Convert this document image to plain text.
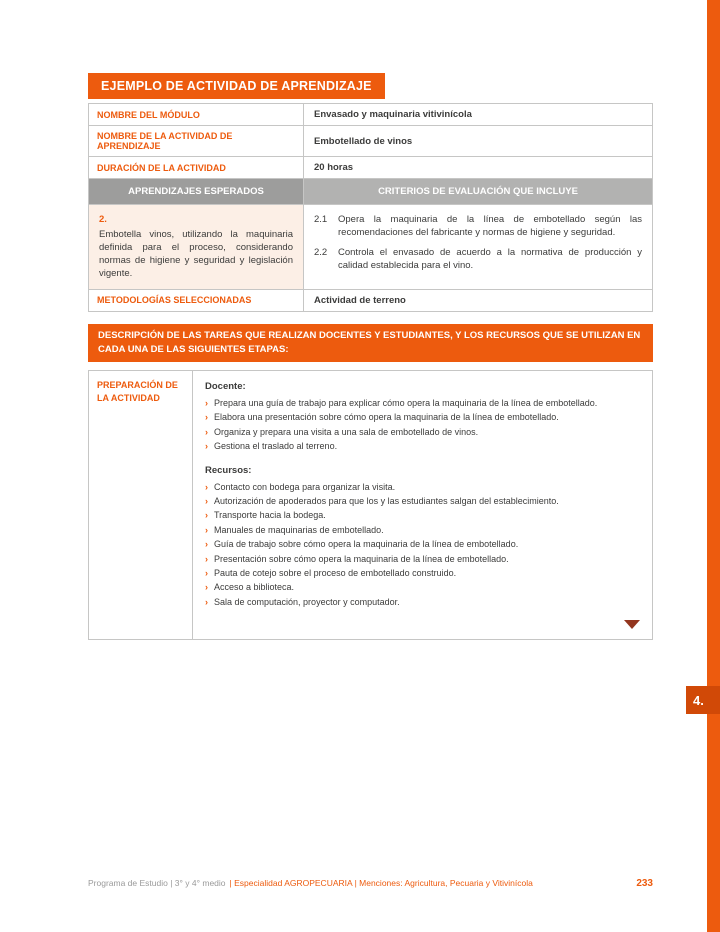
4.
EJEMPLO DE ACTIVIDAD DE APRENDIZAJE
NOMBRE DEL MÓDULO	Envasado y maquinaria vitivinícola
NOMBRE DE LA ACTIVIDAD DE APRENDIZAJE	Embotellado de vinos
DURACIÓN DE LA ACTIVIDAD	20 horas
APRENDIZAJES ESPERADOS	CRITERIOS DE EVALUACIÓN QUE INCLUYE

2.
Embotella vinos, utilizando la maquinaria definida para el proceso, considerando normas de higiene y seguridad y legislación vigente.

2.1	Opera la maquinaria de la línea de embotellado según las recomendaciones del fabricante y normas de higiene y seguridad.
2.2	Controla el envasado de acuerdo a la normativa de producción y calidad establecida para el vino.

METODOLOGÍAS SELECCIONADAS	Actividad de terreno
DESCRIPCIÓN DE LAS TAREAS QUE REALIZAN DOCENTES Y ESTUDIANTES, Y LOS RECURSOS QUE SE UTILIZAN EN CADA UNA DE LAS SIGUIENTES ETAPAS:
PREPARACIÓN DE LA ACTIVIDAD
Docente:
› Prepara una guía de trabajo para explicar cómo opera la maquinaria de la línea de embotellado.
› Elabora una presentación sobre cómo opera la maquinaria de la línea de embotellado.
› Organiza y prepara una visita a una sala de embotellado de vinos.
› Gestiona el traslado al terreno.
Recursos:
› Contacto con bodega para organizar la visita.
› Autorización de apoderados para que los y las estudiantes salgan del establecimiento.
› Transporte hacia la bodega.
› Manuales de maquinarias de embotellado.
› Guía de trabajo sobre cómo opera la maquinaria de la línea de embotellado.
› Presentación sobre cómo opera la maquinaria de la línea de embotellado.
› Pauta de cotejo sobre el proceso de embotellado construido.
› Acceso a biblioteca.
› Sala de computación, proyector y computador.
Programa de Estudio | 3° y 4° medio | Especialidad AGROPECUARIA | Menciones: Agricultura, Pecuaria y Vitivinícola	233
